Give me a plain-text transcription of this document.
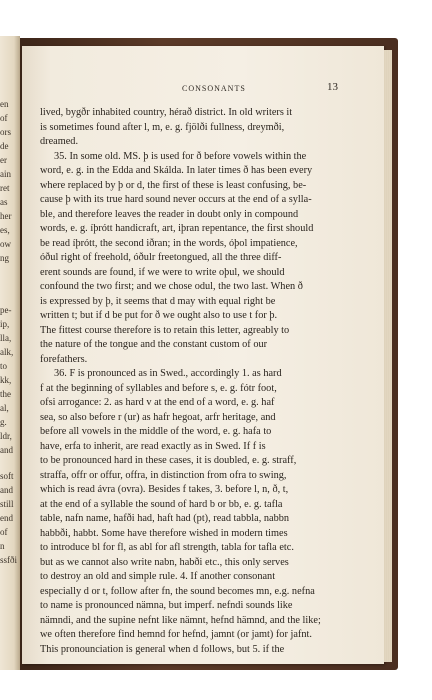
en
of
ors
de
er
ain
ret
as
her
es,
ow
ng
pe-
ip,
lla,
alk,
to
kk,
the
al,
g.
ldr,
and
soft
and
still
end
of
n
ssfði
CONSONANTS	13
lived, bygðr inhabited country, hérað district. In old writers it
is sometimes found after l, m, e. g. fjölði fullness, dreymði,
dreamed.
35. In some old. MS. þ is used for ð before vowels within the
word, e. g. in the Edda and Skálda. In later times ð has been every
where replaced by þ or d, the first of these is least confusing, be-
cause þ with its true hard sound never occurs at the end of a sylla-
ble, and therefore leaves the reader in doubt only in compound
words, e. g. íþrótt handicraft, art, iþran repentance, the first should
be read íþrótt, the second iðran; in the words, óþol impatience,
óðul right of freehold, óðulr freetongued, all the three diff-
erent sounds are found, if we were to write oþul, we should
confound the two first; and we chose odul, the two last. When ð
is expressed by þ, it seems that d may with equal right be
written t; but if d be put for ð we ought also to use t for þ.
The fittest course therefore is to retain this letter, agreably to
the nature of the tongue and the constant custom of our
forefathers.
36. F is pronounced as in Swed., accordingly 1. as hard
f at the beginning of syllables and before s, e. g. fótr foot,
ofsi arrogance: 2. as hard v at the end of a word, e. g. haf
sea, so also before r (ur) as hafr hegoat, arfr heritage, and
before all vowels in the middle of the word, e. g. hafa to
have, erfa to inherit, are read exactly as in Swed. If f is
to be pronounced hard in these cases, it is doubled, e. g. straff,
straffa, offr or offur, offra, in distinction from ofra to swing,
which is read ávra (ovra). Besides f takes, 3. before l, n, ð, t,
at the end of a syllable the sound of hard b or bb, e. g. tafla
table, nafn name, hafði had, haft had (pt), read tabbla, nabbn
habbði, habbt. Some have therefore wished in modern times
to introduce bl for fl, as abl for afl strength, tabla for tafla etc.
but as we cannot also write nabn, habði etc., this only serves
to destroy an old and simple rule. 4. If another consonant
especially d or t, follow after fn, the sound becomes mn, e.g. nefna
to name is pronounced nämna, but imperf. nefndi sounds like
nämndi, and the supine nefnt like nämnt, hefnd hämnd, and the like;
we often therefore find hemnd for hefnd, jamnt (or jamt) for jafnt.
This pronounciation is general when d follows, but 5. if the
